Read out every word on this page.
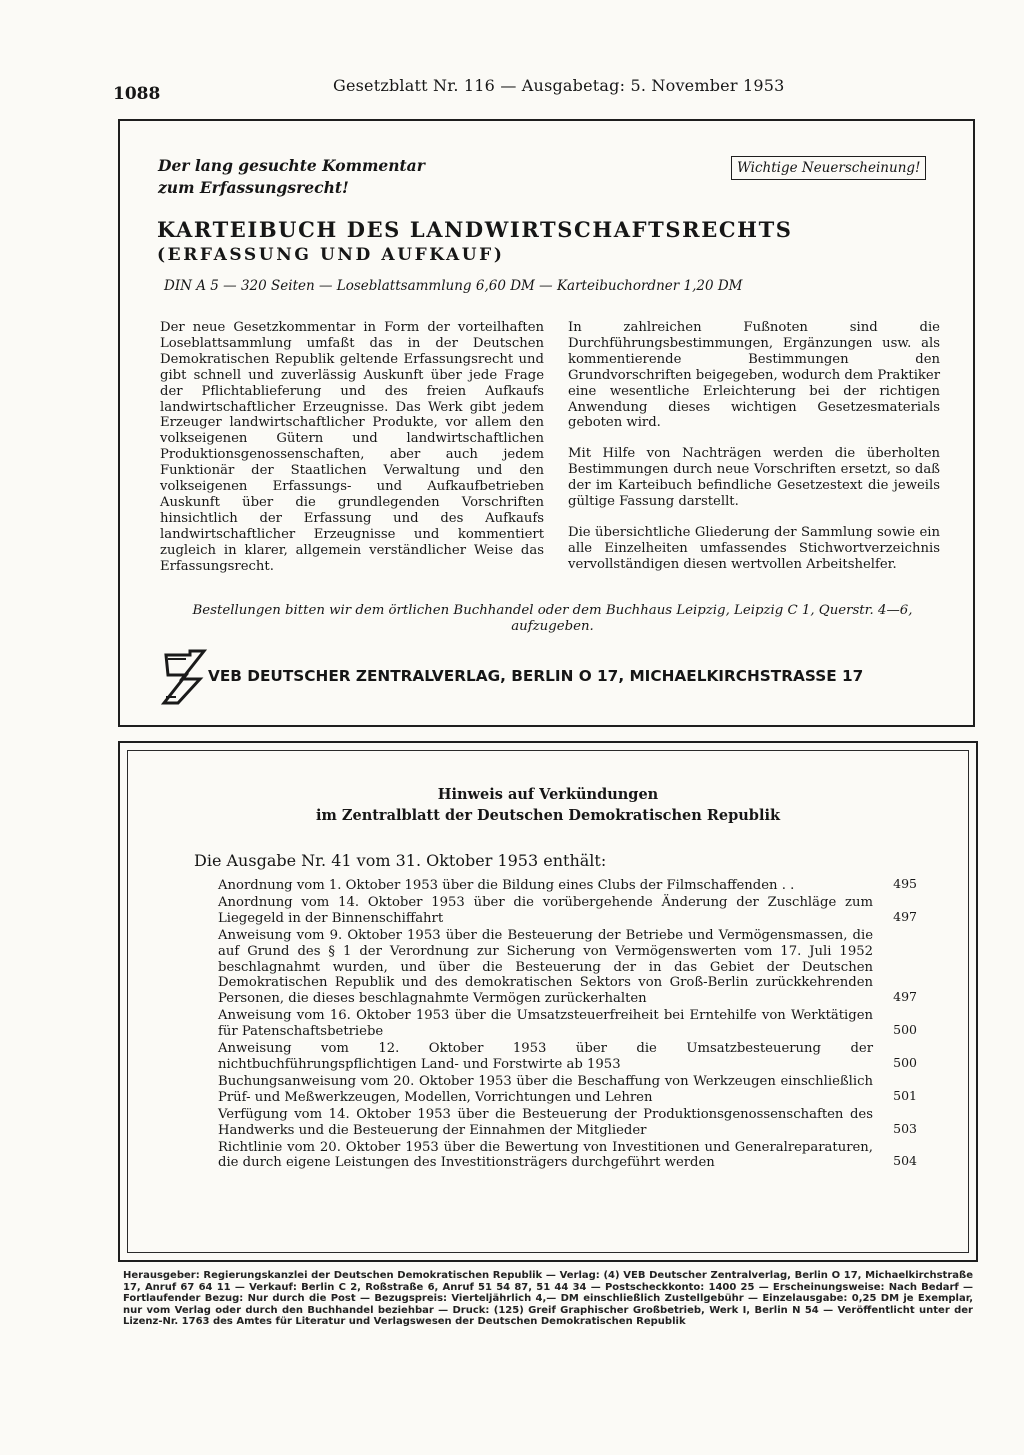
1088	Gesetzblatt Nr. 116 — Ausgabetag: 5. November 1953
Der lang gesuchte Kommentar
zum Erfassungsrecht!
Wichtige Neuerscheinung!
KARTEIBUCH DES LANDWIRTSCHAFTSRECHTS
(ERFASSUNG UND AUFKAUF)
DIN A 5 — 320 Seiten — Loseblattsammlung 6,60 DM — Karteibuchordner 1,20 DM

Der neue Gesetzkommentar in Form der vorteilhaften Loseblattsammlung umfaßt das in der Deutschen Demokratischen Republik geltende Erfassungsrecht und gibt schnell und zuverlässig Auskunft über jede Frage der Pflichtablieferung und des freien Aufkaufs landwirtschaftlicher Erzeugnisse. Das Werk gibt jedem Erzeuger landwirtschaftlicher Produkte, vor allem den volkseigenen Gütern und landwirtschaftlichen Produktionsgenossenschaften, aber auch jedem Funktionär der Staatlichen Verwaltung und den volkseigenen Erfassungs- und Aufkaufbetrieben Auskunft über die grundlegenden Vorschriften hinsichtlich der Erfassung und des Aufkaufs landwirtschaftlicher Erzeugnisse und kommentiert zugleich in klarer, allgemein verständlicher Weise das Erfassungsrecht.

In zahlreichen Fußnoten sind die Durchführungsbestimmungen, Ergänzungen usw. als kommentierende Bestimmungen den Grundvorschriften beigegeben, wodurch dem Praktiker eine wesentliche Erleichterung bei der richtigen Anwendung dieses wichtigen Gesetzesmaterials geboten wird.

Mit Hilfe von Nachträgen werden die überholten Bestimmungen durch neue Vorschriften ersetzt, so daß der im Karteibuch befindliche Gesetzestext die jeweils gültige Fassung darstellt.

Die übersichtliche Gliederung der Sammlung sowie ein alle Einzelheiten umfassendes Stichwortverzeichnis vervollständigen diesen wertvollen Arbeitshelfer.

Bestellungen bitten wir dem örtlichen Buchhandel oder dem Buchhaus Leipzig, Leipzig C 1, Querstr. 4—6, aufzugeben.
VEB DEUTSCHER ZENTRALVERLAG, BERLIN O 17, MICHAELKIRCHSTRASSE 17
Hinweis auf Verkündungen
im Zentralblatt der Deutschen Demokratischen Republik
Die Ausgabe Nr. 41 vom 31. Oktober 1953 enthält:
Anordnung vom 1. Oktober 1953 über die Bildung eines Clubs der Filmschaffenden . .	495
Anordnung vom 14. Oktober 1953 über die vorübergehende Änderung der Zuschläge zum Liegegeld in der Binnenschiffahrt	497
Anweisung vom 9. Oktober 1953 über die Besteuerung der Betriebe und Vermögensmassen, die auf Grund des § 1 der Verordnung zur Sicherung von Vermögenswerten vom 17. Juli 1952 beschlagnahmt wurden, und über die Besteuerung der in das Gebiet der Deutschen Demokratischen Republik und des demokratischen Sektors von Groß-Berlin zurückkehrenden Personen, die dieses beschlagnahmte Vermögen zurückerhalten	497
Anweisung vom 16. Oktober 1953 über die Umsatzsteuerfreiheit bei Erntehilfe von Werktätigen für Patenschaftsbetriebe	500
Anweisung vom 12. Oktober 1953 über die Umsatzbesteuerung der nichtbuchführungspflichtigen Land- und Forstwirte ab 1953	500
Buchungsanweisung vom 20. Oktober 1953 über die Beschaffung von Werkzeugen einschließlich Prüf- und Meßwerkzeugen, Modellen, Vorrichtungen und Lehren	501
Verfügung vom 14. Oktober 1953 über die Besteuerung der Produktionsgenossenschaften des Handwerks und die Besteuerung der Einnahmen der Mitglieder	503
Richtlinie vom 20. Oktober 1953 über die Bewertung von Investitionen und Generalreparaturen, die durch eigene Leistungen des Investitionsträgers durchgeführt werden	504
Herausgeber: Regierungskanzlei der Deutschen Demokratischen Republik — Verlag: (4) VEB Deutscher Zentralverlag, Berlin O 17, Michaelkirchstraße 17, Anruf 67 64 11 — Verkauf: Berlin C 2, Roßstraße 6, Anruf 51 54 87, 51 44 34 — Postscheckkonto: 1400 25 — Erscheinungsweise: Nach Bedarf — Fortlaufender Bezug: Nur durch die Post — Bezugspreis: Vierteljährlich 4,— DM einschließlich Zustellgebühr — Einzelausgabe: 0,25 DM je Exemplar, nur vom Verlag oder durch den Buchhandel beziehbar — Druck: (125) Greif Graphischer Großbetrieb, Werk I, Berlin N 54 — Veröffentlicht unter der Lizenz-Nr. 1763 des Amtes für Literatur und Verlagswesen der Deutschen Demokratischen Republik
